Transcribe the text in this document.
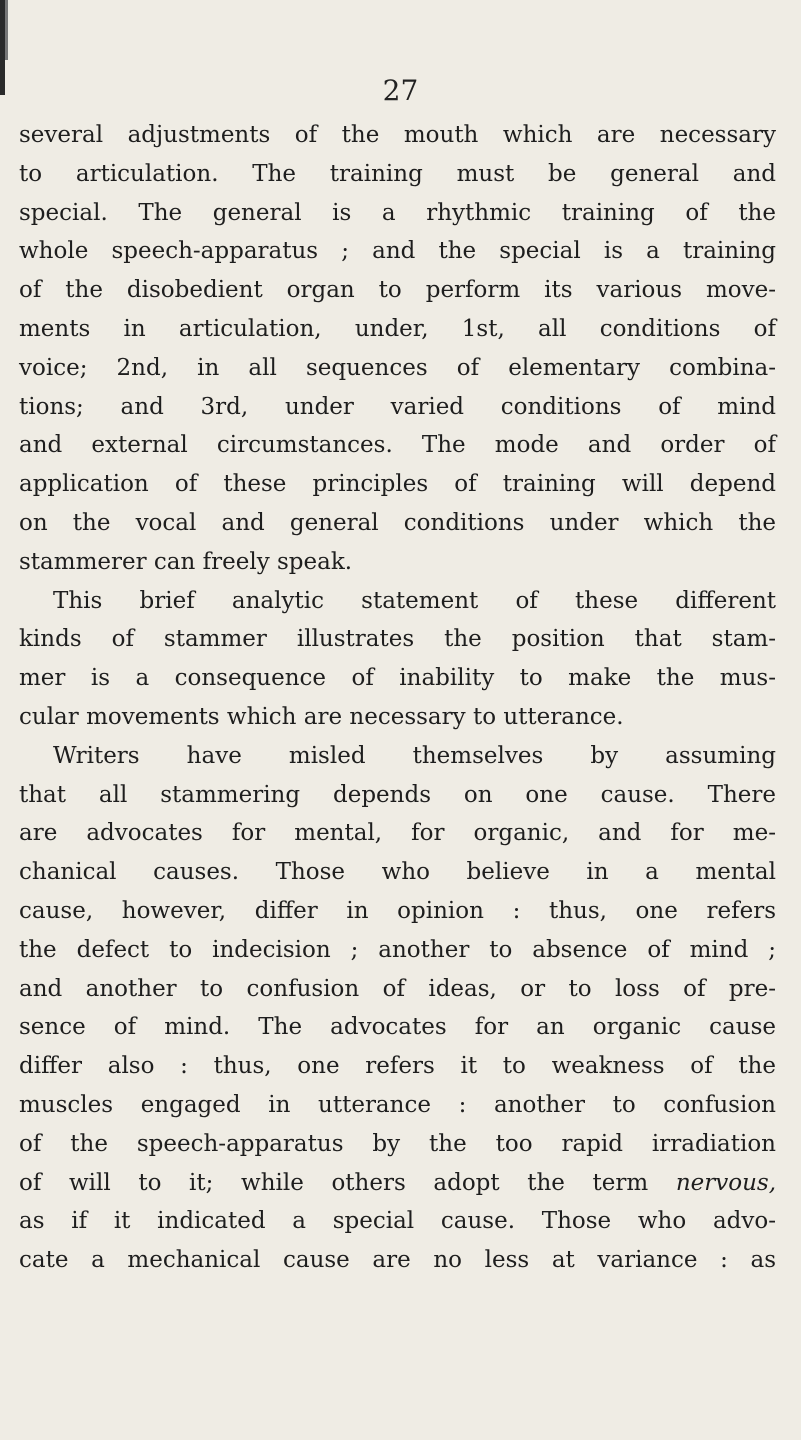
27

several adjustments of the mouth which are necessary
to articulation. The training must be general and
special. The general is a rhythmic training of the
whole speech-apparatus ; and the special is a training
of the disobedient organ to perform its various move-
ments in articulation, under, 1st, all conditions of
voice; 2nd, in all sequences of elementary combina-
tions; and 3rd, under varied conditions of mind
and external circumstances. The mode and order of
application of these principles of training will depend
on the vocal and general conditions under which the
stammerer can freely speak.
This brief analytic statement of these different
kinds of stammer illustrates the position that stam-
mer is a consequence of inability to make the mus-
cular movements which are necessary to utterance.
Writers have misled themselves by assuming
that all stammering depends on one cause. There
are advocates for mental, for organic, and for me-
chanical causes. Those who believe in a mental
cause, however, differ in opinion : thus, one refers
the defect to indecision ; another to absence of mind ;
and another to confusion of ideas, or to loss of pre-
sence of mind. The advocates for an organic cause
differ also : thus, one refers it to weakness of the
muscles engaged in utterance : another to confusion
of the speech-apparatus by the too rapid irradiation
of will to it; while others adopt the term nervous,
as if it indicated a special cause. Those who advo-
cate a mechanical cause are no less at variance : as
